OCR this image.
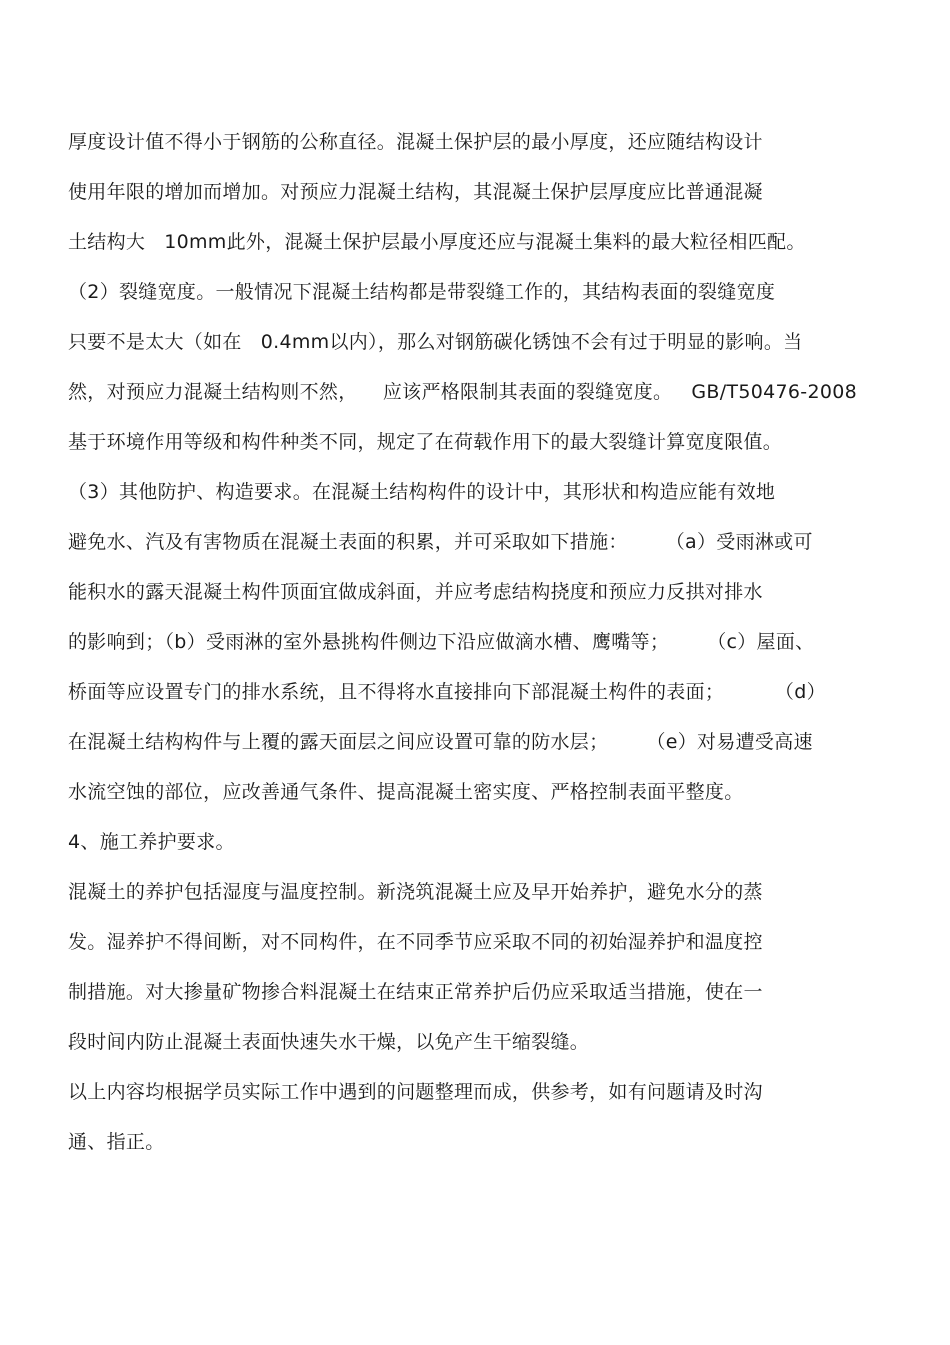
厚度设计值不得小于钢筋的公称直径。混凝土保护层的最小厚度，还应随结构设计
使用年限的增加而增加。对预应力混凝土结构，其混凝土保护层厚度应比普通混凝
土结构大   10mm此外，混凝土保护层最小厚度还应与混凝土集料的最大粒径相匹配。
（2）裂缝宽度。一般情况下混凝土结构都是带裂缝工作的，其结构表面的裂缝宽度
只要不是太大（如在   0.4mm以内），那么对钢筋碳化锈蚀不会有过于明显的影响。当
然，对预应力混凝土结构则不然，    应该严格限制其表面的裂缝宽度。   GB/T50476-2008
基于环境作用等级和构件种类不同，规定了在荷载作用下的最大裂缝计算宽度限值。
（3）其他防护、构造要求。在混凝土结构构件的设计中，其形状和构造应能有效地
避免水、汽及有害物质在混凝土表面的积累，并可采取如下措施：      （a）受雨淋或可
能积水的露天混凝土构件顶面宜做成斜面，并应考虑结构挠度和预应力反拱对排水
的影响到；（b）受雨淋的室外悬挑构件侧边下沿应做滴水槽、鹰嘴等；      （c）屋面、
桥面等应设置专门的排水系统，且不得将水直接排向下部混凝土构件的表面；        （d）
在混凝土结构构件与上覆的露天面层之间应设置可靠的防水层；      （e）对易遭受高速
水流空蚀的部位，应改善通气条件、提高混凝土密实度、严格控制表面平整度。
4、施工养护要求。
混凝土的养护包括湿度与温度控制。新浇筑混凝土应及早开始养护，避免水分的蒸
发。湿养护不得间断，对不同构件，在不同季节应采取不同的初始湿养护和温度控
制措施。对大掺量矿物掺合料混凝土在结束正常养护后仍应采取适当措施，使在一
段时间内防止混凝土表面快速失水干燥，以免产生干缩裂缝。
以上内容均根据学员实际工作中遇到的问题整理而成，供参考，如有问题请及时沟
通、指正。
